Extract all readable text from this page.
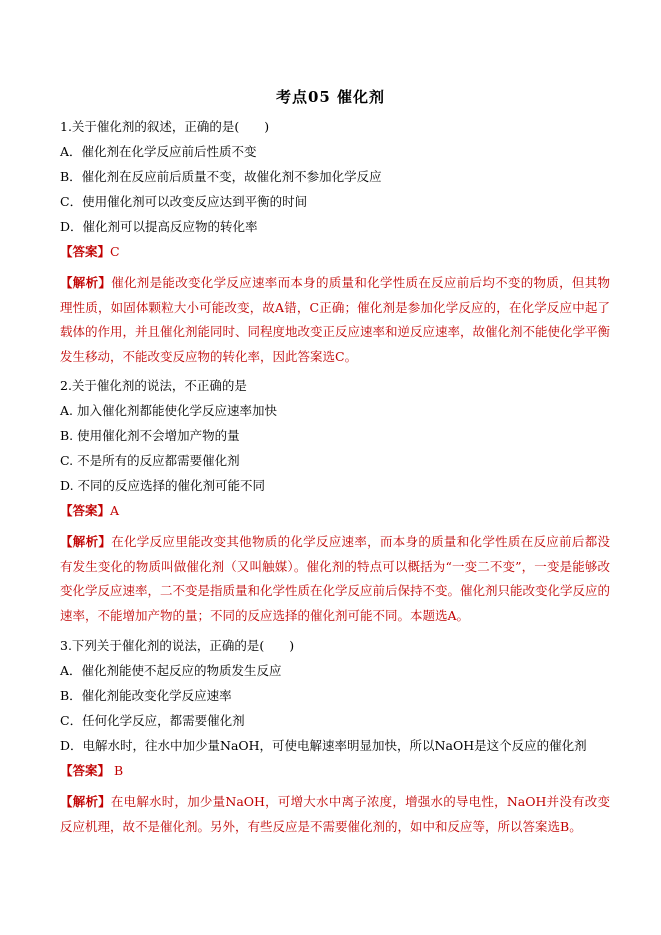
考点05 催化剂
1.关于催化剂的叙述，正确的是(　　)
A．催化剂在化学反应前后性质不变
B．催化剂在反应前后质量不变，故催化剂不参加化学反应
C．使用催化剂可以改变反应达到平衡的时间
D．催化剂可以提高反应物的转化率
【答案】C
【解析】催化剂是能改变化学反应速率而本身的质量和化学性质在反应前后均不变的物质，但其物理性质，如固体颗粒大小可能改变，故A错，C正确；催化剂是参加化学反应的，在化学反应中起了载体的作用，并且催化剂能同时、同程度地改变正反应速率和逆反应速率，故催化剂不能使化学平衡发生移动，不能改变反应物的转化率，因此答案选C。
2.关于催化剂的说法，不正确的是
A. 加入催化剂都能使化学反应速率加快
B. 使用催化剂不会增加产物的量
C. 不是所有的反应都需要催化剂
D. 不同的反应选择的催化剂可能不同
【答案】A
【解析】在化学反应里能改变其他物质的化学反应速率，而本身的质量和化学性质在反应前后都没有发生变化的物质叫做催化剂（又叫触媒）。催化剂的特点可以概括为“一变二不变”，一变是能够改变化学反应速率，二不变是指质量和化学性质在化学反应前后保持不变。催化剂只能改变化学反应的速率，不能增加产物的量；不同的反应选择的催化剂可能不同。本题选A。
3.下列关于催化剂的说法，正确的是(　　)
A．催化剂能使不起反应的物质发生反应
B．催化剂能改变化学反应速率
C．任何化学反应，都需要催化剂
D．电解水时，往水中加少量NaOH，可使电解速率明显加快，所以NaOH是这个反应的催化剂
【答案】 B
【解析】在电解水时，加少量NaOH，可增大水中离子浓度，增强水的导电性，NaOH并没有改变反应机理，故不是催化剂。另外，有些反应是不需要催化剂的，如中和反应等，所以答案选B。
